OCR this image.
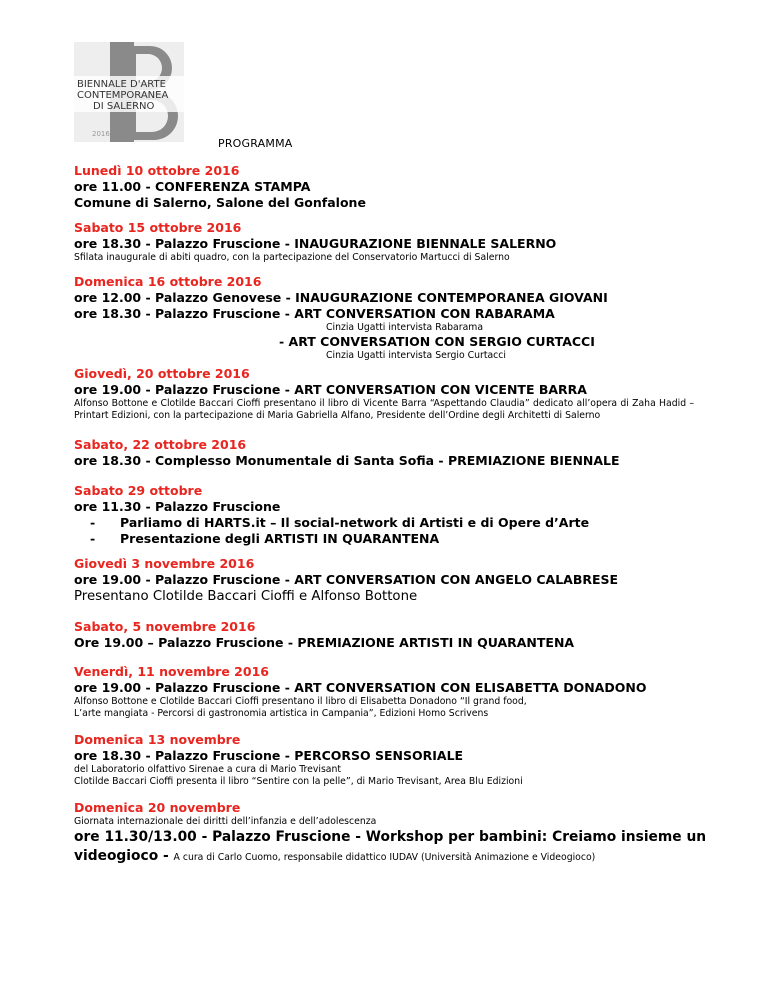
BIENNALE D'ARTE
CONTEMPORANEA
DI SALERNO
2016
PROGRAMMA
Lunedì 10 ottobre 2016
ore 11.00 - CONFERENZA STAMPA
Comune di Salerno, Salone del Gonfalone
Sabato 15 ottobre 2016
ore 18.30 - Palazzo Fruscione - INAUGURAZIONE BIENNALE SALERNO
Sfilata inaugurale di abiti quadro, con la partecipazione del Conservatorio Martucci di Salerno
Domenica 16 ottobre 2016
ore 12.00 - Palazzo Genovese - INAUGURAZIONE CONTEMPORANEA GIOVANI
ore 18.30 - Palazzo Fruscione - ART CONVERSATION CON RABARAMA
Cinzia Ugatti intervista Rabarama
- ART CONVERSATION CON SERGIO CURTACCI
Cinzia Ugatti intervista Sergio Curtacci
Giovedì, 20 ottobre 2016
ore 19.00 - Palazzo Fruscione - ART CONVERSATION CON VICENTE BARRA
Alfonso Bottone e Clotilde Baccari Cioffi presentano il libro di Vicente Barra “Aspettando Claudia” dedicato all’opera di Zaha Hadid – Printart Edizioni, con la partecipazione di Maria Gabriella Alfano, Presidente dell’Ordine degli Architetti di Salerno
Sabato, 22 ottobre 2016
ore 18.30 - Complesso Monumentale di Santa Sofia - PREMIAZIONE BIENNALE
Sabato 29 ottobre
ore 11.30 - Palazzo Fruscione
- Parliamo di HARTS.it – Il social-network di Artisti e di Opere d’Arte
- Presentazione degli ARTISTI IN QUARANTENA
Giovedì 3 novembre 2016
ore 19.00 - Palazzo Fruscione - ART CONVERSATION CON ANGELO CALABRESE
Presentano Clotilde Baccari Cioffi e Alfonso Bottone
Sabato, 5 novembre 2016
Ore 19.00 – Palazzo Fruscione - PREMIAZIONE ARTISTI IN QUARANTENA
Venerdì, 11 novembre 2016
ore 19.00 - Palazzo Fruscione - ART CONVERSATION CON ELISABETTA DONADONO
Alfonso Bottone e Clotilde Baccari Cioffi presentano il libro di Elisabetta Donadono “Il grand food,
L’arte mangiata - Percorsi di gastronomia artistica in Campania”, Edizioni Homo Scrivens
Domenica 13 novembre
ore 18.30 - Palazzo Fruscione - PERCORSO SENSORIALE
del Laboratorio olfattivo Sirenae a cura di Mario Trevisant
Clotilde Baccari Cioffi presenta il libro “Sentire con la pelle”, di Mario Trevisant, Area Blu Edizioni
Domenica 20 novembre
Giornata internazionale dei diritti dell’infanzia e dell’adolescenza
ore 11.30/13.00 - Palazzo Fruscione - Workshop per bambini: Creiamo insieme un
videogioco - A cura di Carlo Cuomo, responsabile didattico IUDAV (Università Animazione e Videogioco)
